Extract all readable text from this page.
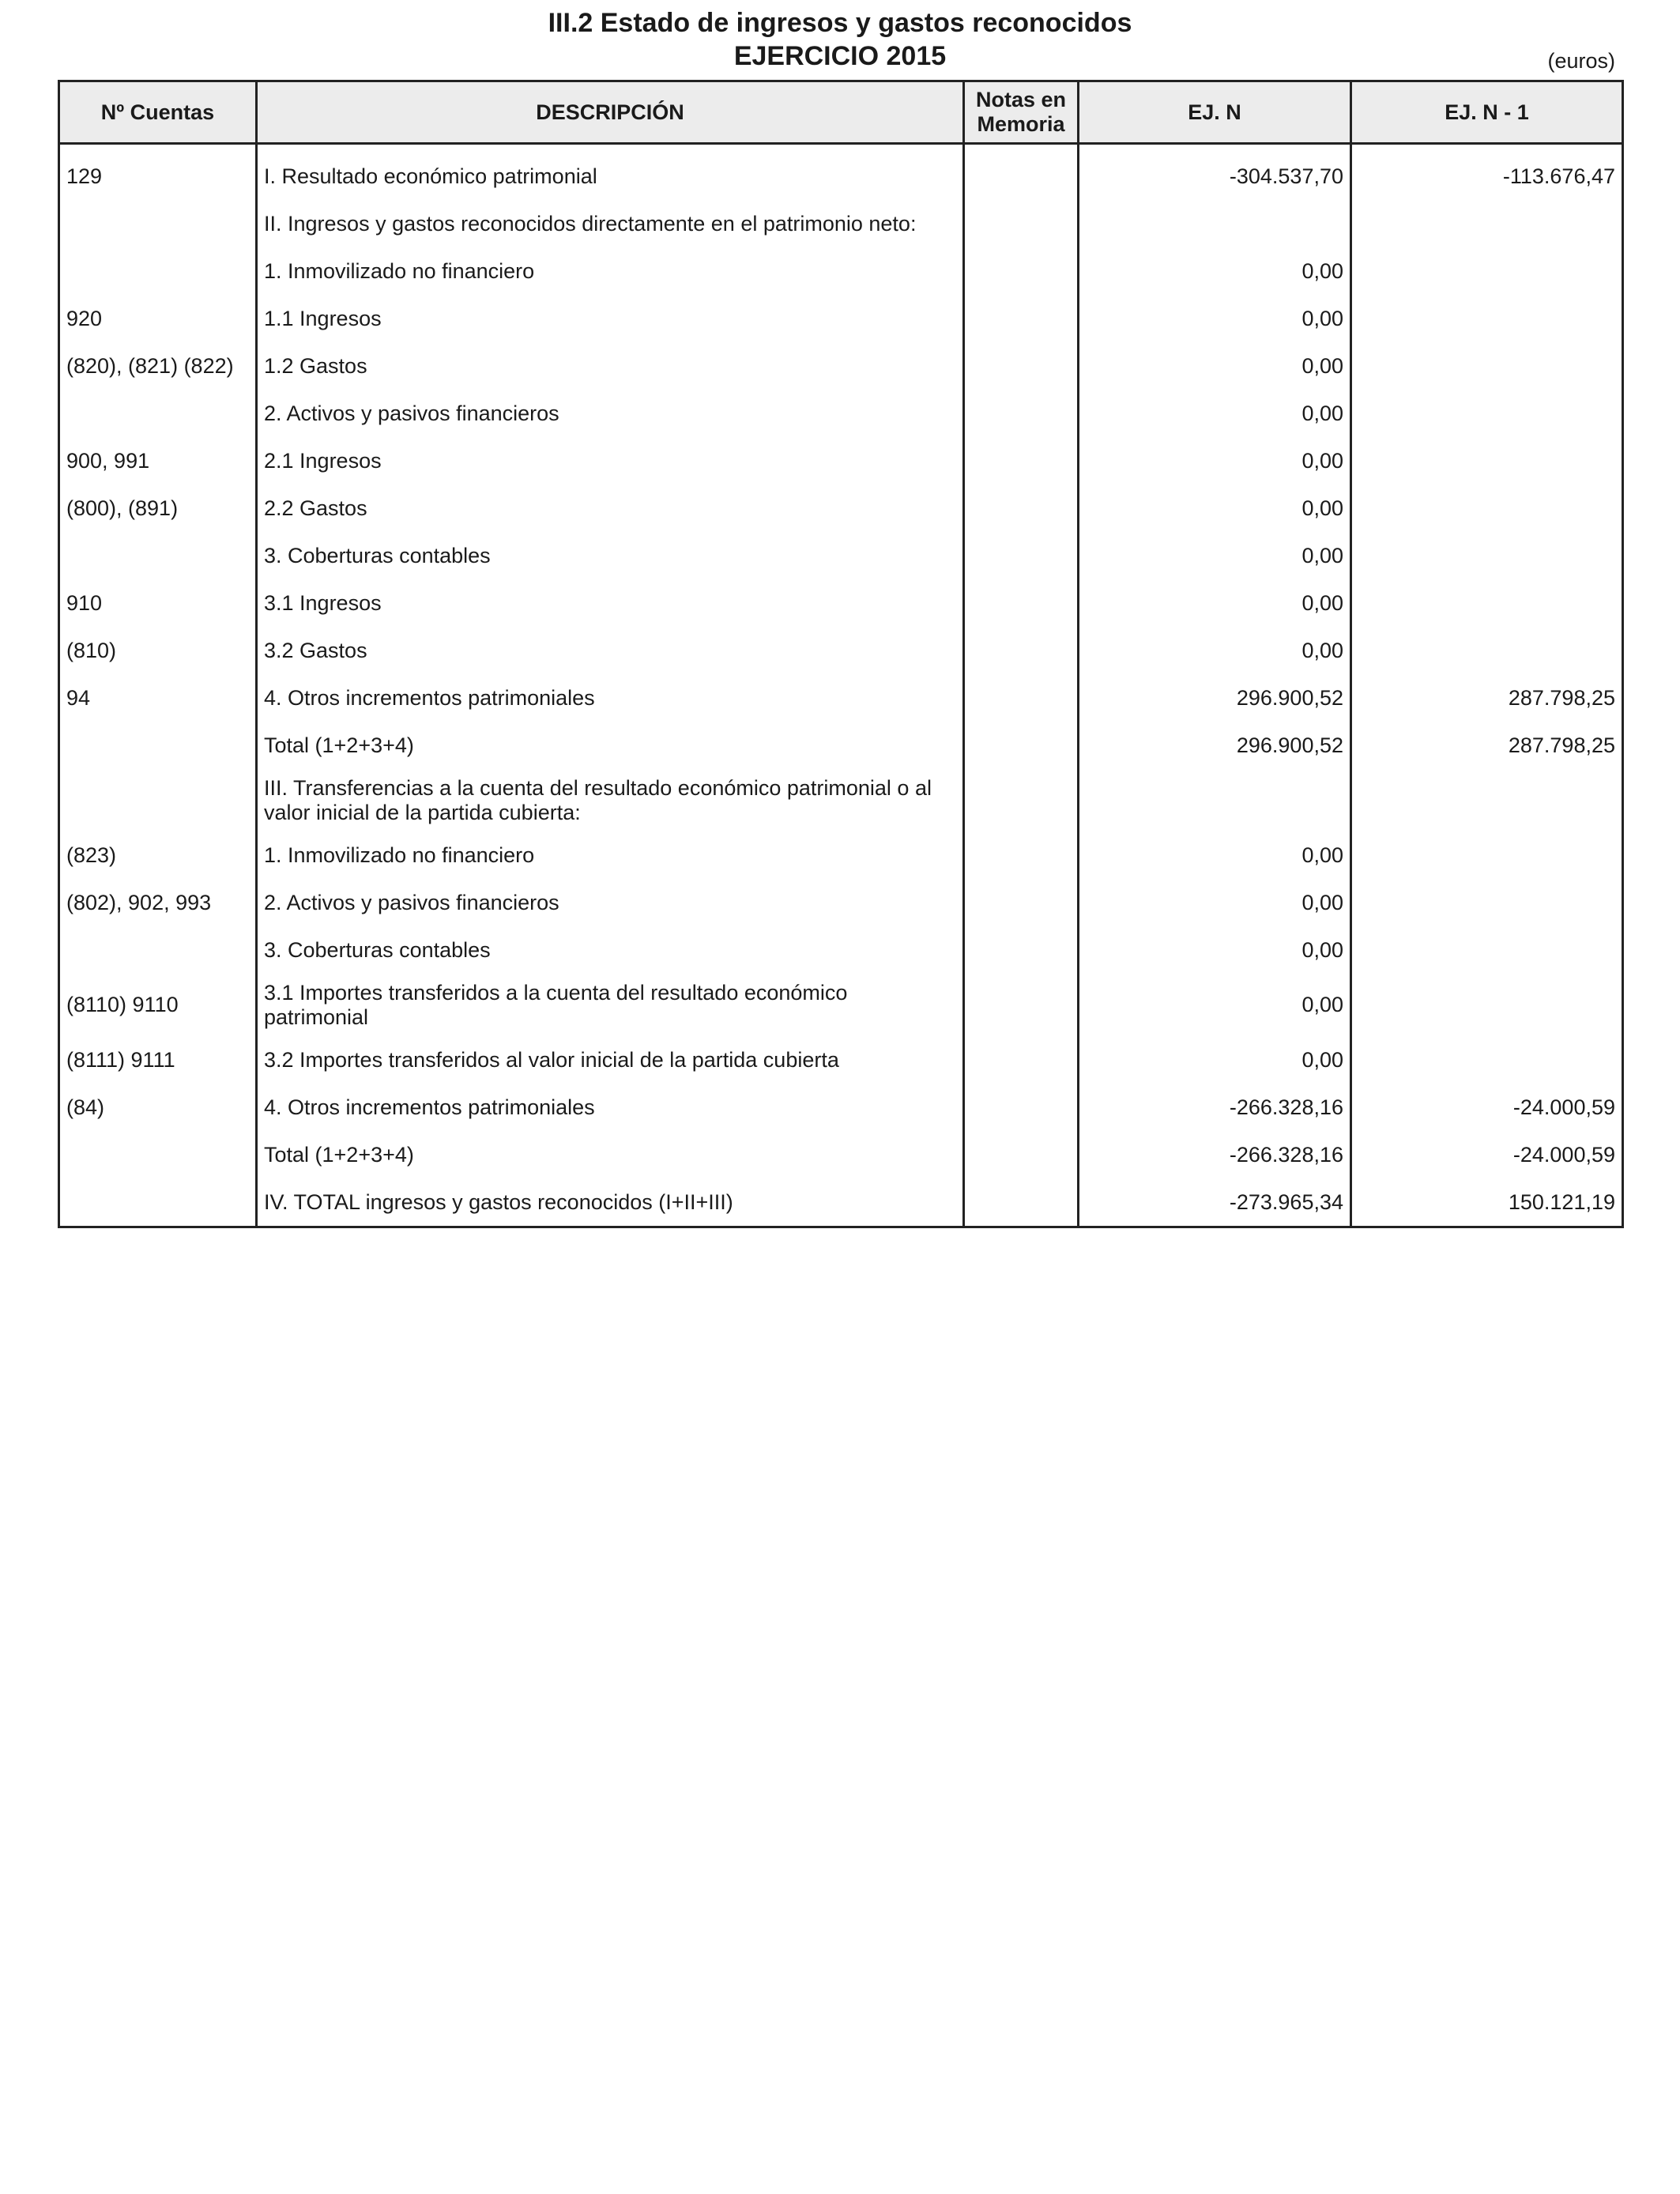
III.2 Estado de ingresos y gastos reconocidos
EJERCICIO 2015	(euros)
Nº Cuentas	DESCRIPCIÓN	Notas en Memoria	EJ. N	EJ. N - 1
129	I. Resultado económico patrimonial		-304.537,70	-113.676,47
	II. Ingresos y gastos reconocidos directamente en el patrimonio neto:			
	1. Inmovilizado no financiero		0,00	
920	1.1 Ingresos		0,00	
(820), (821) (822)	1.2 Gastos		0,00	
	2. Activos y pasivos financieros		0,00	
900, 991	2.1 Ingresos		0,00	
(800), (891)	2.2 Gastos		0,00	
	3. Coberturas contables		0,00	
910	3.1 Ingresos		0,00	
(810)	3.2 Gastos		0,00	
94	4. Otros incrementos patrimoniales		296.900,52	287.798,25
	Total (1+2+3+4)		296.900,52	287.798,25
	III. Transferencias a la cuenta del resultado económico patrimonial o al valor inicial de la partida cubierta:			
(823)	1. Inmovilizado no financiero		0,00	
(802), 902, 993	2. Activos y pasivos financieros		0,00	
	3. Coberturas contables		0,00	
(8110) 9110	3.1 Importes transferidos a la cuenta del resultado económico patrimonial		0,00	
(8111) 9111	3.2 Importes transferidos al valor inicial de la partida cubierta		0,00	
(84)	4. Otros incrementos patrimoniales		-266.328,16	-24.000,59
	Total (1+2+3+4)		-266.328,16	-24.000,59
	IV. TOTAL ingresos y gastos reconocidos (I+II+III)		-273.965,34	150.121,19
